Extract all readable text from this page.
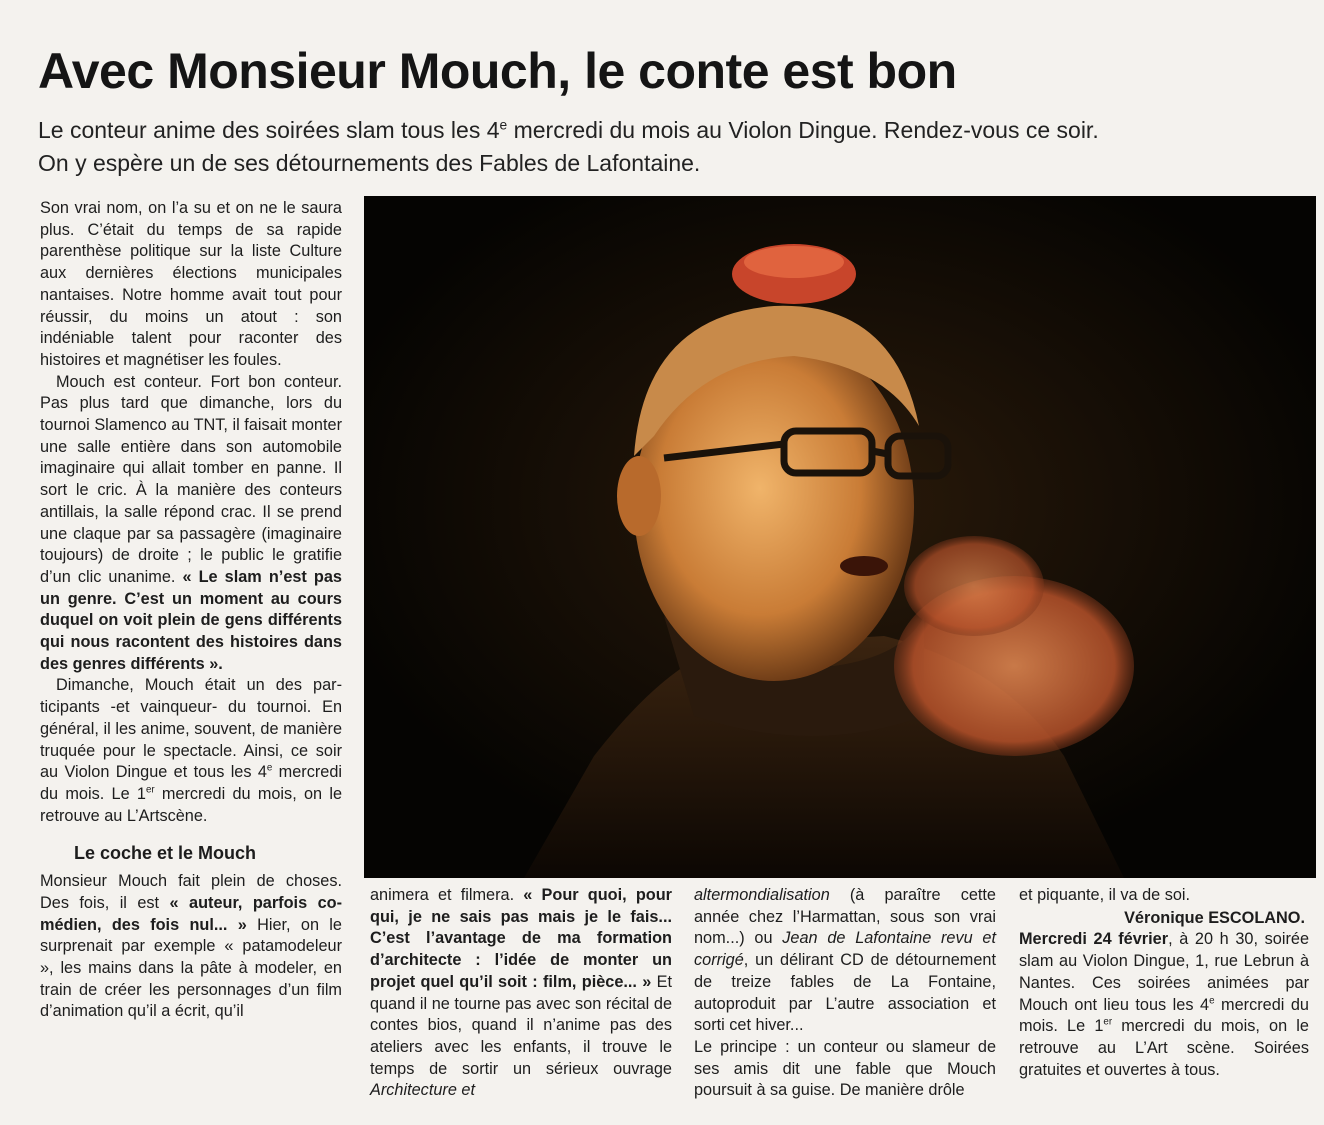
Avec Monsieur Mouch, le conte est bon

Le conteur anime des soirées slam tous les 4e mercredi du mois au Violon Dingue. Rendez-vous ce soir.

On y espère un de ses détournements des Fables de Lafontaine.

Son vrai nom, on l’a su et on ne le saura plus. C’était du temps de sa rapide parenthèse politique sur la liste Culture aux dernières élections municipales nantaises. Notre homme avait tout pour réussir, du moins un atout : son indéniable talent pour raconter des histoires et magnétiser les foules.

Mouch est conteur. Fort bon conteur. Pas plus tard que dimanche, lors du tournoi Slamenco au TNT, il faisait monter une salle entière dans son automobile imaginaire qui allait tomber en panne. Il sort le cric. À la manière des conteurs antillais, la salle répond crac. Il se prend une claque par sa passagère (imaginaire toujours) de droite ; le public le gratifie d’un clic unanime. « Le slam n’est pas un genre. C’est un moment au cours duquel on voit plein de gens différents qui nous racontent des histoires dans des genres différents ».

Dimanche, Mouch était un des participants -et vainqueur- du tournoi. En général, il les anime, souvent, de manière truquée pour le spectacle. Ainsi, ce soir au Violon Dingue et tous les 4e mercredi du mois. Le 1er mercredi du mois, on le retrouve au L’Artscène.

Le coche et le Mouch

Monsieur Mouch fait plein de choses. Des fois, il est « auteur, parfois comédien, des fois nul... » Hier, on le surprenait par exemple « patamodeleur », les mains dans la pâte à modeler, en train de créer les personnages d’un film d’animation qu’il a écrit, qu’il

animera et filmera. « Pour quoi, pour qui, je ne sais pas mais je le fais... C’est l’avantage de ma formation d’architecte : l’idée de monter un projet quel qu’il soit : film, pièce... » Et quand il ne tourne pas avec son récital de contes bios, quand il n’anime pas des ateliers avec les enfants, il trouve le temps de sortir un sérieux ouvrage Architecture et

altermondialisation (à paraître cette année chez l’Harmattan, sous son vrai nom...) ou Jean de Lafontaine revu et corrigé, un délirant CD de détournement de treize fables de La Fontaine, autoproduit par L’autre association et sorti cet hiver...

Le principe : un conteur ou slameur de ses amis dit une fable que Mouch poursuit à sa guise. De manière drôle

et piquante, il va de soi.

Véronique ESCOLANO.

Mercredi 24 février, à 20 h 30, soirée slam au Violon Dingue, 1, rue Lebrun à Nantes. Ces soirées animées par Mouch ont lieu tous les 4e mercredi du mois. Le 1er mercredi du mois, on le retrouve au L’Art scène. Soirées gratuites et ouvertes à tous.
